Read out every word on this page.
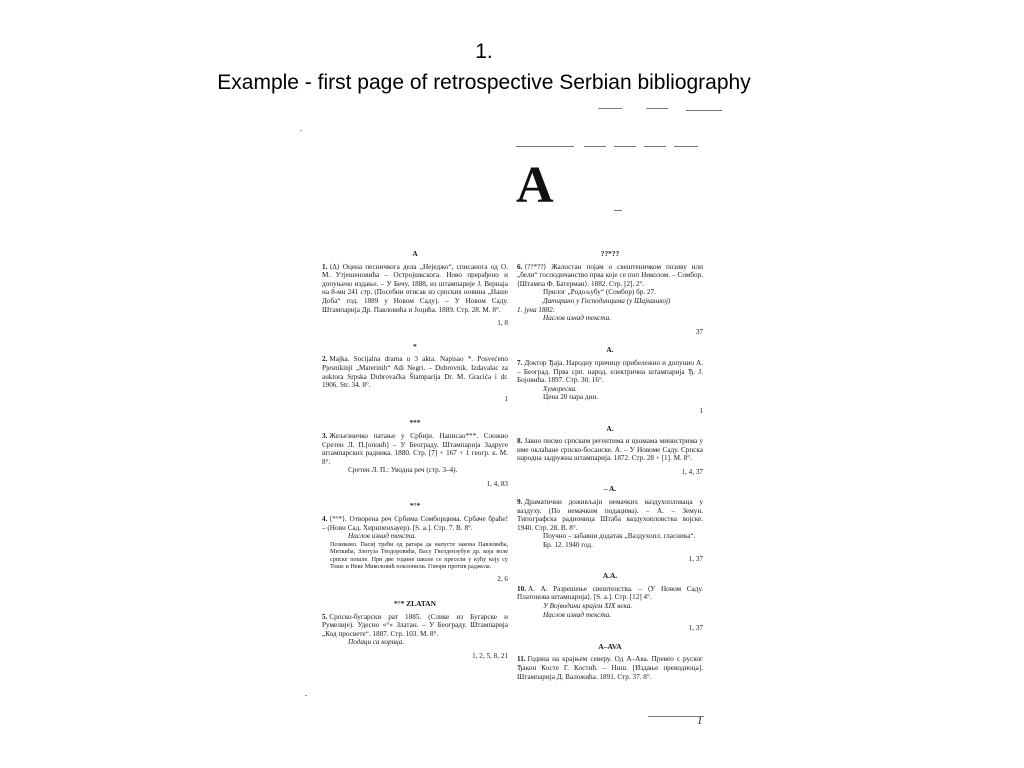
1.
Example - first page of retrospective Serbian bibliography
A
A
1. ⟨Δ⟩ Оцена песничкога дела „Неједжо“, списанога од О. М. Утјешеновића – Остројшкскога. Ново прерађено и допуњено издање. – У Бечу, 1888, из штампарије Ј. Вернаја на 8-ми 241 стр. (Посебни отисак из српских новина „Наше Доба“ год. 1889 у Новом Саду). – У Новом Саду. Штампарија Др. Павловића и Јоцића. 1889. Стр. 28. М. 8°.
1, 8
*
2. Majka. Socijalna drama u 3 akta. Napisao *. Posvećeno Pjesnikinji „Materinih“ Adi Negri. – Dubrovnik. Izdavalac za auktora Srpska Dubrovačka Štamparija Dr. M. Gracića i dr. 1906. Str. 34. 8°.
1
***
3. Жељезничко патање у Србији. Написао***. Сложио Сретен Л. П.[опоић] – У Београду. Штампарија Задруге штампарских радника. 1880. Стр. [7] + 167 + 1 геогр. к. М. 8°.
Сретен Л. П.: Уводна реч (стр. 3–4).
1, 4, 83
*°*
4. ⟨*°*⟩. Отворена реч Србима Сомборцима. Србаче браће! – (Нови Сад. Хирипенхауер). [S. a.]. Стр. 7. В. 8°.
Наслов изнад текста.
Позивамо. Пасиј трећи од ратара да напусте закона Павловића, Миткића, Злотуза Теодоровића, Васу Гвоздензубуи др. која воле српске пошле. При две годинe школе се пресели у кућу коју су Тоше и Неке Миколовић поклонили. Говори против раджела.
2, 6
*°* ZLATAN
5. Српско-бугарски рат 1885. (Слике из Бугарске и Румелије). Удесно «°» Златан. – У Београду. Штампарија „Код просвете“. 1887. Стр. 103. М. 8°.
Подаци са корица.
1, 2, 5, 8, 21
??*??
6. ⟨??*??⟩ Жалостан појам о свештеничком позиву или „бели“ господичанство прва које се поп Николом. – Сомбор. ⟨Штампа Ф. Батерман⟩. 1882. Стр. [2]. 2°.
Прилог „Родољубу“ (Сомбор) бр. 27.
Датирано у Господинцима (у Шајкашкој)
1. јуна 1882.
Наслов изнад текста.
37
A.
7. Доктор Ђаја. Народну причицу прибележио и допунио А. – Београд. Прва срп. народ. електрична штампарија Ђ. Ј. Бојовића. 1897. Стр. 30. 16°.
Хумореска.
Цена 20 пара дин.
1
A.
8. Јавно писмо српским регентима и цхомама министрима у име оклаћане српско-босанске. А. – У Новоме Саду. Српска народна задружна штампарија. 1872. Стр. 28 + [1]. М. 8°.
1, 4, 37
– A.
9. Драматични доживљаји немачких ваздухопловаца у ваздуху. (По немачким подацима). – А. – Земун. Типографска радионица Штаба ваздухопловства војске. 1940. Стр. 28. В. 8°.
Поучно – забавни додатак „Ваздухопл. гласника“. Бр. 12. 1940 год.
1, 37
A.A.
10. А. А. Разрешење свештенства. – ⟨У Новом Саду. Платонова штампарија⟩. [S. a.]. Стр. [12] 4°.
У Војводини крајем XIX века.
Наслов изнад текста.
1, 37
A–AVA
11. Година на крајњем северу. Од А–Ава. Превео с руског Ђакон Косте Г. Костић. – Ниш. [Издање преводиоца]. Штампарија Д. Валожића. 1891. Стр. 37. 8°.
1
